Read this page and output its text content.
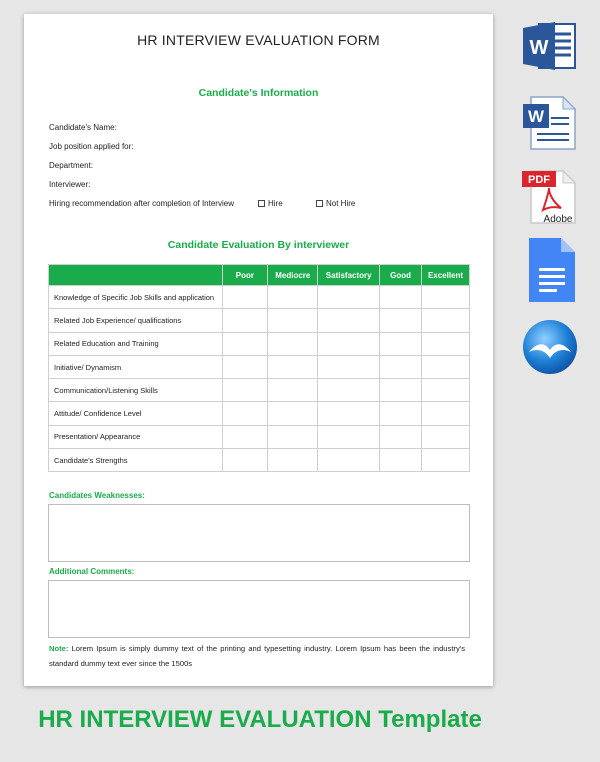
HR INTERVIEW EVALUATION FORM
Candidate's Information
Candidate's Name:
Job position applied for:
Department:
Interviewer:
Hiring recommendation after completion of Interview	Hire	Not Hire
Candidate Evaluation By interviewer
	Poor	Mediocre	Satisfactory	Good	Excellent
Knowledge of Specific Job Skills and application					
Related Job Experience/ qualifications					
Related Education and Training					
Initiative/ Dynamism					
Communication/Listening Skills					
Attitude/ Confidence Level					
Presentation/ Appearance					
Candidate's Strengths					
Candidates Weaknesses:
Additional Comments:
Note: Lorem Ipsum is simply dummy text of the printing and typesetting industry. Lorem Ipsum has been the industry's standard dummy text ever since the 1500s
W
W
PDF
Adobe
HR INTERVIEW EVALUATION Template
